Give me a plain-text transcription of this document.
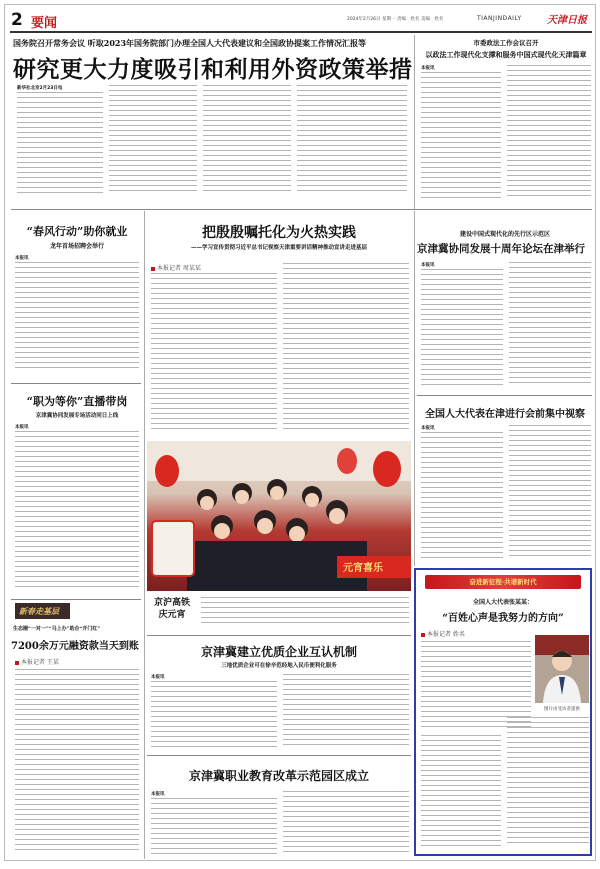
2 要闻	2024年2月26日 星期一 责编：姓名 美编：姓名	TIANJINDAILY	天津日报
国务院召开常务会议 听取2023年国务院部门办理全国人大代表建议和全国政协提案工作情况汇报等
研究更大力度吸引和利用外资政策举措
新华社北京2月23日电
市委政法工作会议召开
以政法工作现代化支撑和服务中国式现代化天津篇章
本报讯
“春风行动”助你就业
龙年首场招聘会举行
本报讯
“职为等你”直播带岗
京津冀协同发展专场活动同日上线
本报讯
新春走基层
生态圈“一对一”“马上办”助企“开门红”
7200余万元融资款当天到账
本报记者 王某
把殷殷嘱托化为火热实践
——学习宣传贯彻习近平总书记视察天津重要讲话精神推动宣讲走进基层
本报记者 周某某
元宵喜乐
京沪高铁庆元宵
京津冀建立优质企业互认机制
三地优质企业可在徐辛范经地入民币便利化服务
本报讯
京津冀职业教育改革示范园区成立
本报讯
建设中国式现代化的先行区示范区
京津冀协同发展十周年论坛在津举行
本报讯
全国人大代表在津进行会前集中视察
本报讯
奋进新征程·共谱新时代
全国人大代表张某某：
“百姓心声是我努力的方向”
本报记者 姓名
图片由受访者提供
